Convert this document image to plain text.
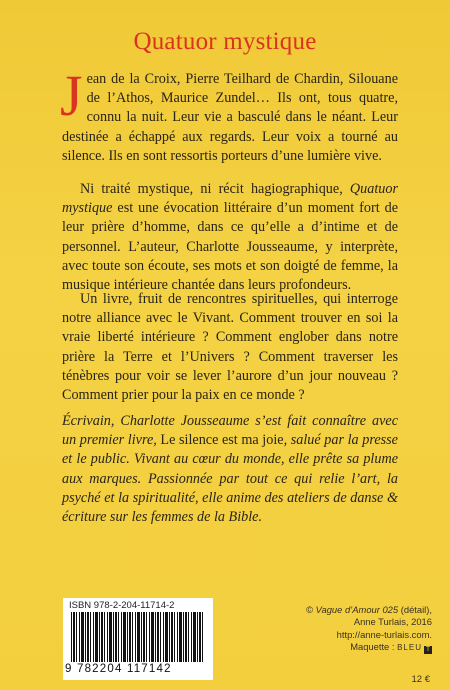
Quatuor mystique
Jean de la Croix, Pierre Teilhard de Chardin, Silouane de l’Athos, Maurice Zundel… Ils ont, tous quatre, connu la nuit. Leur vie a basculé dans le néant. Leur destinée a échappé aux regards. Leur voix a tourné au silence. Ils en sont ressortis porteurs d’une lumière vive.
Ni traité mystique, ni récit hagiographique, Quatuor mystique est une évocation littéraire d’un moment fort de leur prière d’homme, dans ce qu’elle a d’intime et de personnel. L’auteur, Charlotte Jousseaume, y interprète, avec toute son écoute, ses mots et son doigté de femme, la musique intérieure chantée dans leurs profondeurs.
Un livre, fruit de rencontres spirituelles, qui interroge notre alliance avec le Vivant. Comment trouver en soi la vraie liberté intérieure ? Comment englober dans notre prière la Terre et l’Univers ? Comment traverser les ténèbres pour voir se lever l’aurore d’un jour nouveau ? Comment prier pour la paix en ce monde ?
Écrivain, Charlotte Jousseaume s’est fait connaître avec un premier livre, Le silence est ma joie, salué par la presse et le public. Vivant au cœur du monde, elle prête sa plume aux marques. Passionnée par tout ce qui relie l’art, la psyché et la spiritualité, elle anime des ateliers de danse & écriture sur les femmes de la Bible.
ISBN 978-2-204-11714-2
9 782204 117142
© Vague d’Amour 025 (détail),
Anne Turlais, 2016
http://anne-turlais.com.
Maquette : BLEU T
12 €
